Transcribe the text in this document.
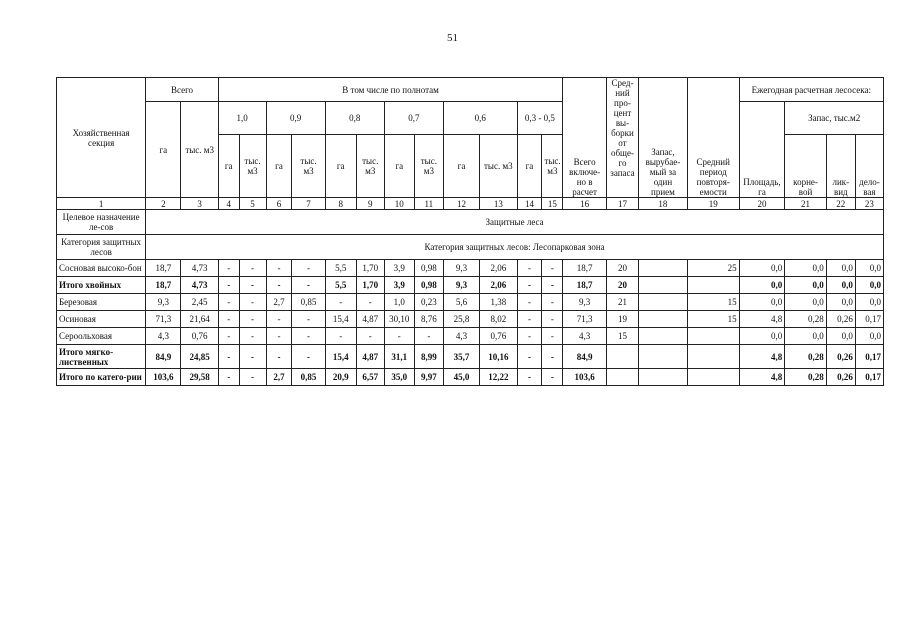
51
Хозяйственная секция	Всего		В том числе по полнотам												Всего включе-но в расчет	Сред-ний про-цент вы-борки от обще-го запаса	Запас, вырубае-мый за один прием	Средний период повторя-емости	Ежегодная расчетная лесосека:			
	га	тыс. м3	1,0		0,9		0,8		0,7		0,6		0,3 - 0,5						Площадь, га	Запас, тыс.м2		
			га	тыс. м3	га	тыс. м3	га	тыс. м3	га	тыс. м3	га	тыс. м3	га	тыс. м3						корне-вой	лик-вид	дело-вая
1	2	3	4	5	6	7	8	9	10	11	12	13	14	15	16	17	18	19	20	21	22	23
Целевое назначение ле-сов	Защитные леса																					
Категория защитных лесов	Категория защитных лесов: Лесопарковая зона																					
Сосновая высоко-бон	18,7	4,73	-	-	-	-	5,5	1,70	3,9	0,98	9,3	2,06	-	-	18,7	20		25	0,0	0,0	0,0	0,0
Итого хвойных	18,7	4,73	-	-	-	-	5,5	1,70	3,9	0,98	9,3	2,06	-	-	18,7	20			0,0	0,0	0,0	0,0
Березовая	9,3	2,45	-	-	2,7	0,85	-	-	1,0	0,23	5,6	1,38	-	-	9,3	21		15	0,0	0,0	0,0	0,0
Осиновая	71,3	21,64	-	-	-	-	15,4	4,87	30,10	8,76	25,8	8,02	-	-	71,3	19		15	4,8	0,28	0,26	0,17
Сероольховая	4,3	0,76	-	-	-	-	-	-	-	-	4,3	0,76	-	-	4,3	15			0,0	0,0	0,0	0,0
Итого мягко-лиственных	84,9	24,85	-	-	-	-	15,4	4,87	31,1	8,99	35,7	10,16	-	-	84,9				4,8	0,28	0,26	0,17
Итого по катего-рии	103,6	29,58	-	-	2,7	0,85	20,9	6,57	35,0	9,97	45,0	12,22	-	-	103,6				4,8	0,28	0,26	0,17
